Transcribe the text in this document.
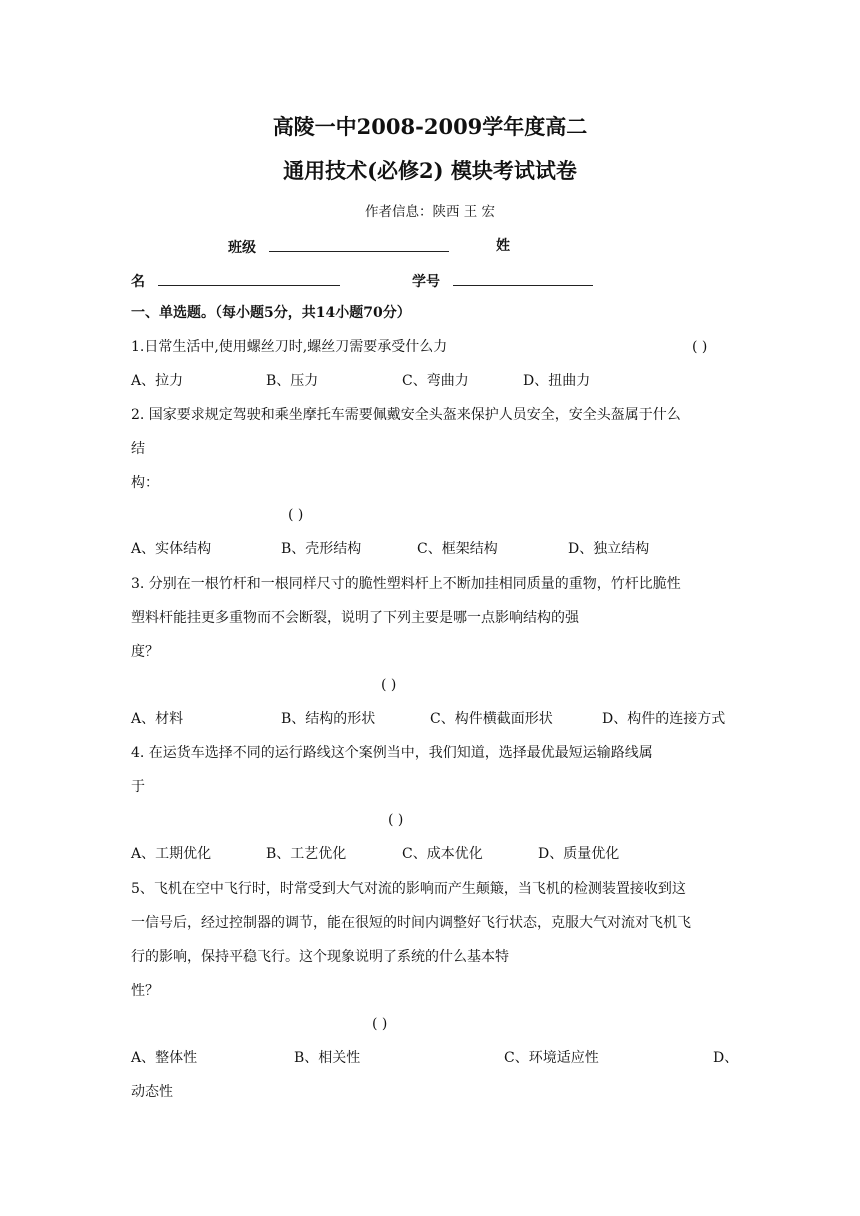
高陵一中2008-2009学年度高二
通用技术(必修2) 模块考试试卷
作者信息：陕西 王 宏
班级	姓
名	学号
一、单选题。（每小题5分，共14小题70分）
1.日常生活中,使用螺丝刀时,螺丝刀需要承受什么力	( )
A、拉力	B、压力	C、弯曲力	D、扭曲力
2. 国家要求规定驾驶和乘坐摩托车需要佩戴安全头盔来保护人员安全，安全头盔属于什么
结
构：
( )
A、实体结构	B、壳形结构	C、框架结构	D、独立结构
3. 分别在一根竹杆和一根同样尺寸的脆性塑料杆上不断加挂相同质量的重物，竹杆比脆性
塑料杆能挂更多重物而不会断裂，说明了下列主要是哪一点影响结构的强
度？
( )
A、材料	B、结构的形状	C、构件横截面形状	D、构件的连接方式
4. 在运货车选择不同的运行路线这个案例当中，我们知道，选择最优最短运输路线属
于
( )
A、工期优化	B、工艺优化	C、成本优化	D、质量优化
5、飞机在空中飞行时，时常受到大气对流的影响而产生颠簸，当飞机的检测装置接收到这
一信号后，经过控制器的调节，能在很短的时间内调整好飞行状态，克服大气对流对飞机飞
行的影响，保持平稳飞行。这个现象说明了系统的什么基本特
性？
( )
A、整体性	B、相关性	C、环境适应性	D、
动态性
